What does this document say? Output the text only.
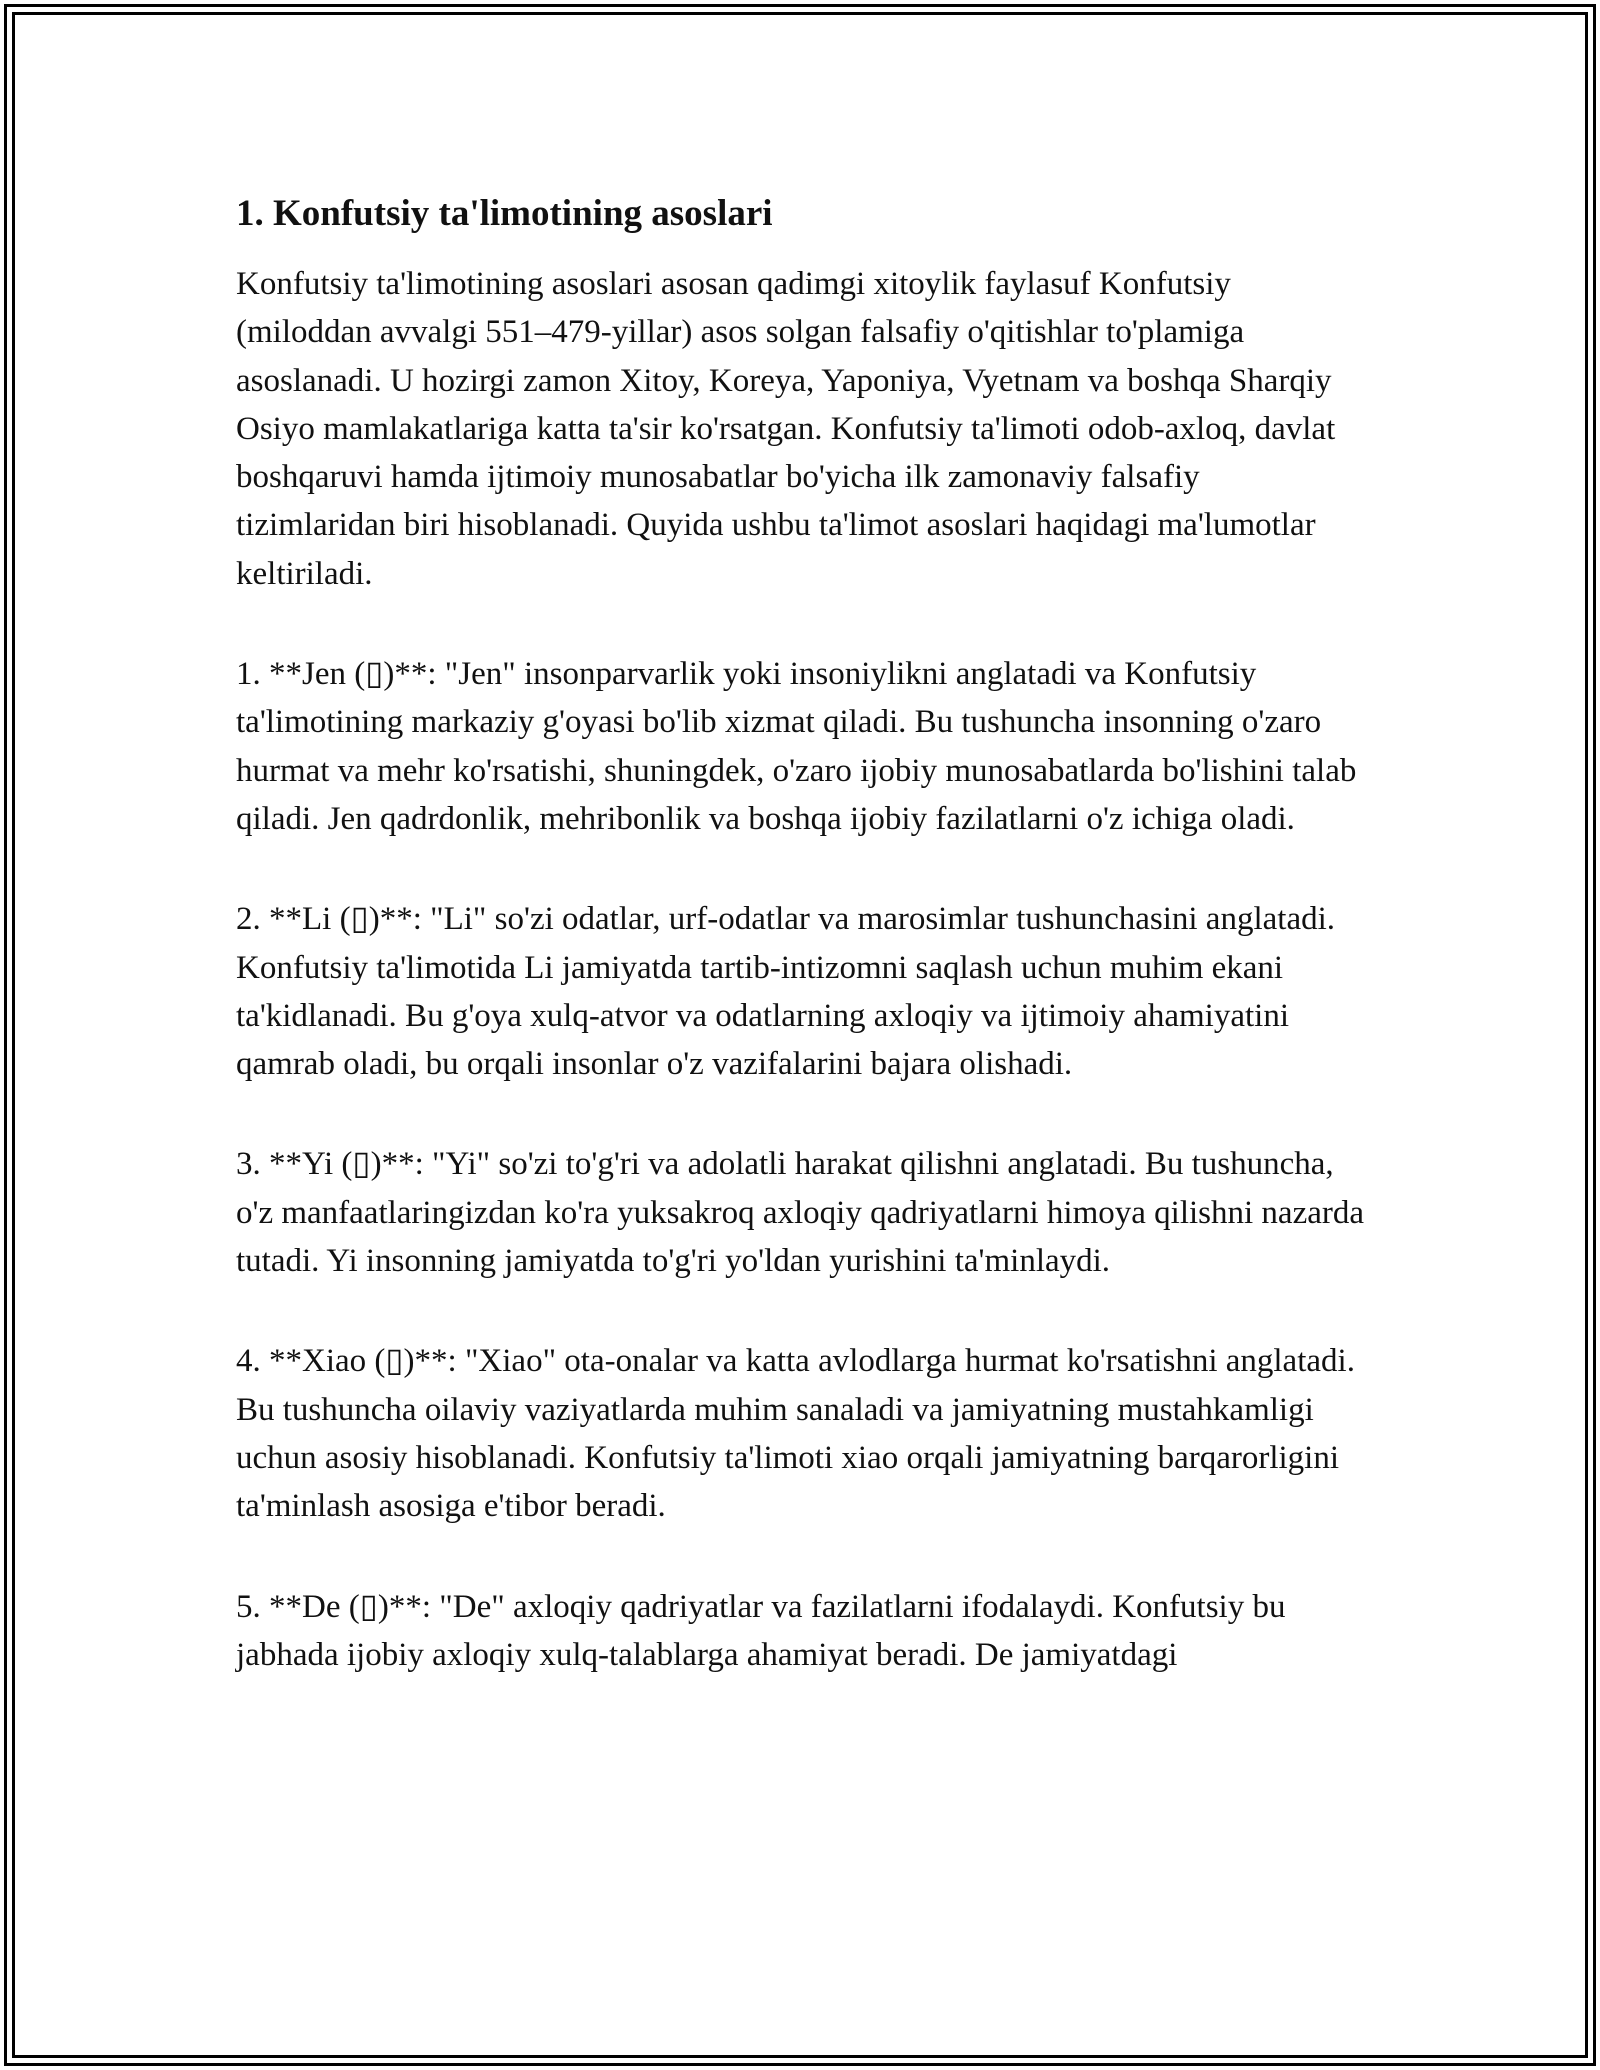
1. Konfutsiy ta'limotining asoslari

Konfutsiy ta'limotining asoslari asosan qadimgi xitoylik faylasuf Konfutsiy (miloddan avvalgi 551–479-yillar) asos solgan falsafiy o'qitishlar to'plamiga asoslanadi. U hozirgi zamon Xitoy, Koreya, Yaponiya, Vyetnam va boshqa Sharqiy Osiyo mamlakatlariga katta ta'sir ko'rsatgan. Konfutsiy ta'limoti odob-axloq, davlat boshqaruvi hamda ijtimoiy munosabatlar bo'yicha ilk zamonaviy falsafiy tizimlaridan biri hisoblanadi. Quyida ushbu ta'limot asoslari haqidagi ma'lumotlar keltiriladi.

1. **Jen (▯)**: "Jen" insonparvarlik yoki insoniylikni anglatadi va Konfutsiy ta'limotining markaziy g'oyasi bo'lib xizmat qiladi. Bu tushuncha insonning o'zaro hurmat va mehr ko'rsatishi, shuningdek, o'zaro ijobiy munosabatlarda bo'lishini talab qiladi. Jen qadrdonlik, mehribonlik va boshqa ijobiy fazilatlarni o'z ichiga oladi.

2. **Li (▯)**: "Li" so'zi odatlar, urf-odatlar va marosimlar tushunchasini anglatadi. Konfutsiy ta'limotida Li jamiyatda tartib-intizomni saqlash uchun muhim ekani ta'kidlanadi. Bu g'oya xulq-atvor va odatlarning axloqiy va ijtimoiy ahamiyatini qamrab oladi, bu orqali insonlar o'z vazifalarini bajara olishadi.

3. **Yi (▯)**: "Yi" so'zi to'g'ri va adolatli harakat qilishni anglatadi. Bu tushuncha, o'z manfaatlaringizdan ko'ra yuksakroq axloqiy qadriyatlarni himoya qilishni nazarda tutadi. Yi insonning jamiyatda to'g'ri yo'ldan yurishini ta'minlaydi.

4. **Xiao (▯)**: "Xiao" ota-onalar va katta avlodlarga hurmat ko'rsatishni anglatadi. Bu tushuncha oilaviy vaziyatlarda muhim sanaladi va jamiyatning mustahkamligi uchun asosiy hisoblanadi. Konfutsiy ta'limoti xiao orqali jamiyatning barqarorligini ta'minlash asosiga e'tibor beradi.

5. **De (▯)**: "De" axloqiy qadriyatlar va fazilatlarni ifodalaydi. Konfutsiy bu jabhada ijobiy axloqiy xulq-talablarga ahamiyat beradi. De jamiyatdagi
